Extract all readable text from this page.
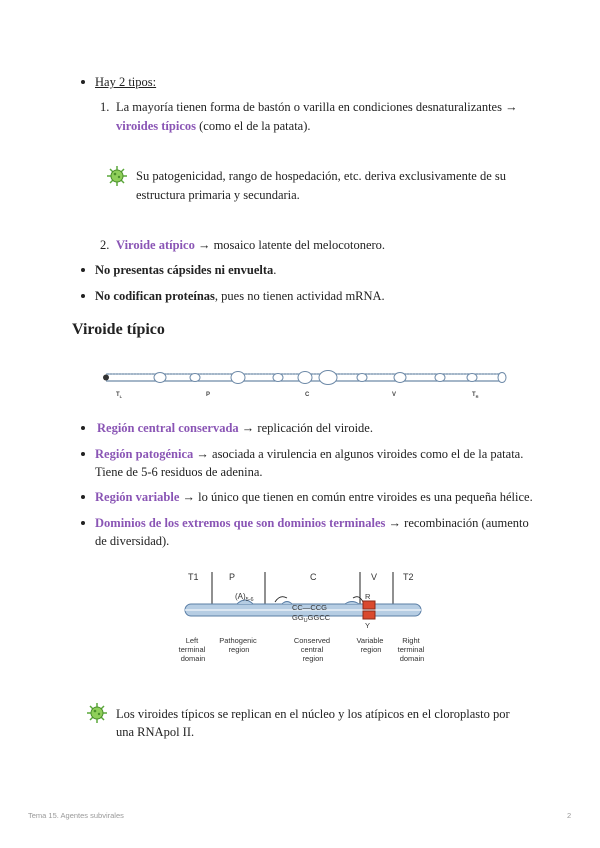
Hay 2 tipos:
1. La mayoría tienen forma de bastón o varilla en condiciones desnaturalizantes →
viroides típicos (como el de la patata).
Su patogenicidad, rango de hospedación, etc. deriva exclusivamente de su
estructura primaria y secundaria.
2. Viroide atípico → mosaico latente del melocotonero.
No presentas cápsides ni envuelta.
No codifican proteínas, pues no tienen actividad mRNA.
Viroide típico
$T_L$	P	C	V	$T_R$
Región central conservada → replicación del viroide.
Región patogénica → asociada a virulencia en algunos viroides como el de la patata.
Tiene de 5-6 residuos de adenina.
Región variable → lo único que tienen en común entre viroides es una pequeña hélice.
Dominios de los extremos que son dominios terminales → recombinación (aumento
de diversidad).
T1	P	C	V	T2
$(A)_{5-6}$
CC—CCG
$GG_UGGCC$
R
Y
Left terminal domain
Pathogenic region
Conserved central region
Variable region
Right terminal domain
Los viroides típicos se replican en el núcleo y los atípicos en el cloroplasto por
una RNApol II.
Tema 15. Agentes subvirales	2
